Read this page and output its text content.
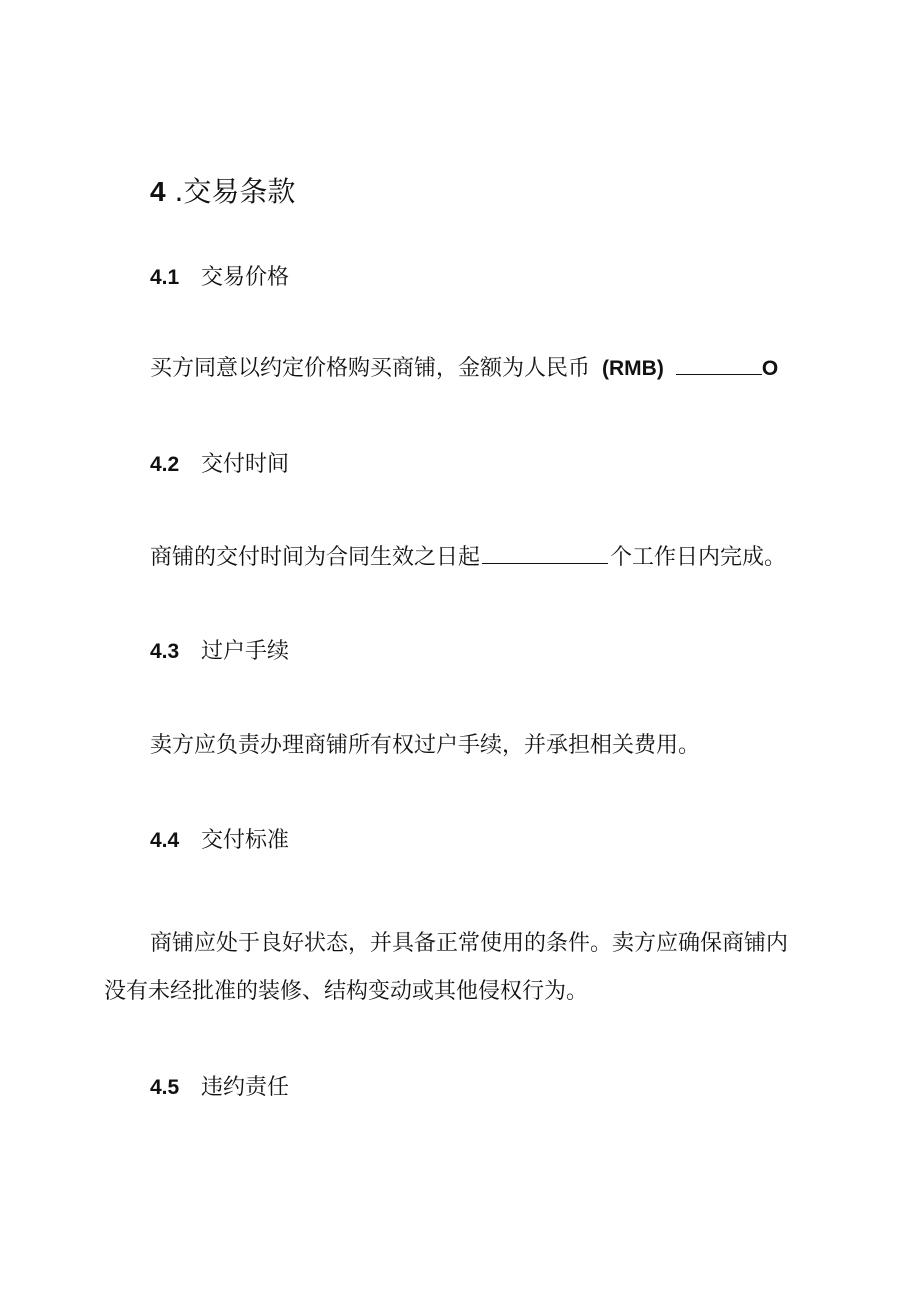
4 .交易条款
4.1 交易价格
买方同意以约定价格购买商铺，金额为人民币 (RMB)	O
4.2 交付时间
商铺的交付时间为合同生效之日起	个工作日内完成。
4.3 过户手续
卖方应负责办理商铺所有权过户手续，并承担相关费用。
4.4 交付标准
商铺应处于良好状态，并具备正常使用的条件。卖方应确保商铺内没有未经批准的装修、结构变动或其他侵权行为。
4.5 违约责任
